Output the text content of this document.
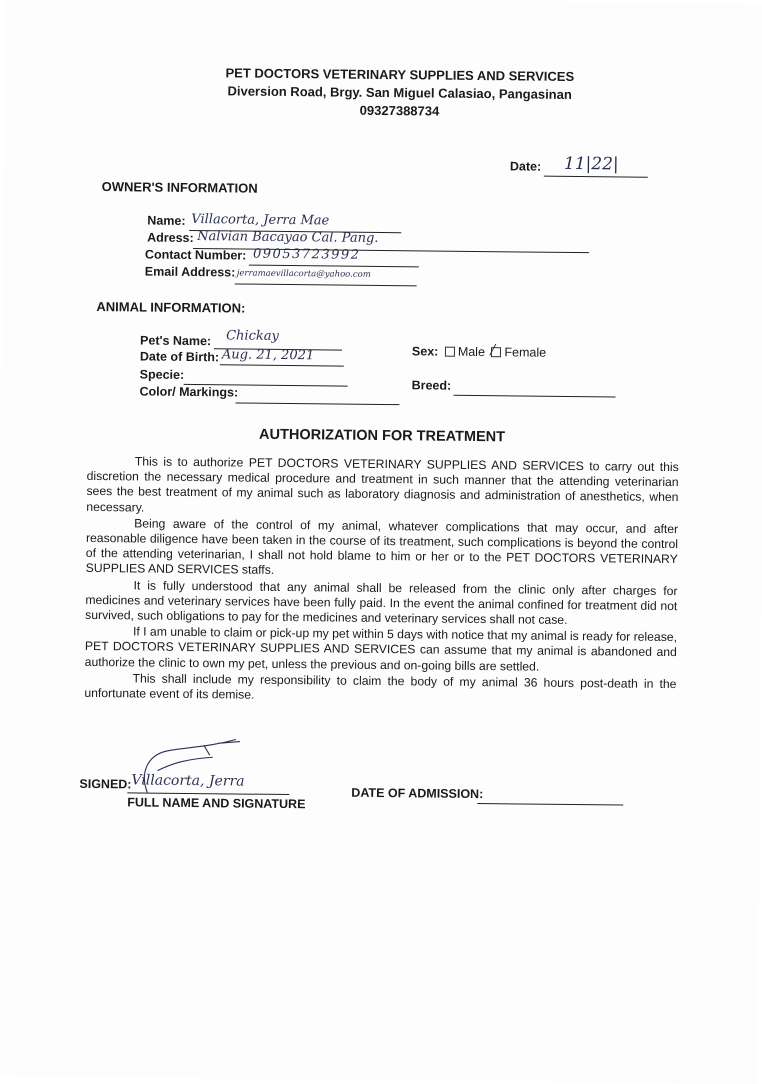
PET DOCTORS VETERINARY SUPPLIES AND SERVICES
Diversion Road, Brgy. San Miguel Calasiao, Pangasinan
09327388734
Date: 11|22|
OWNER'S INFORMATION
Name: Villacorta, Jerra Mae
Adress: Nalvian Bacayao Cal. Pang.
Contact Number: 09053723992
Email Address: jerramaevillacorta@yahoo.com
ANIMAL INFORMATION:
Pet's Name: Chickay
Date of Birth: Aug. 21, 2021
Specie:
Color/ Markings:
Sex: Male / Female
Breed:
AUTHORIZATION FOR TREATMENT

This is to authorize PET DOCTORS VETERINARY SUPPLIES AND SERVICES to carry out this discretion the necessary medical procedure and treatment in such manner that the attending veterinarian sees the best treatment of my animal such as laboratory diagnosis and administration of anesthetics, when necessary.

Being aware of the control of my animal, whatever complications that may occur, and after reasonable diligence have been taken in the course of its treatment, such complications is beyond the control of the attending veterinarian, I shall not hold blame to him or her or to the PET DOCTORS VETERINARY SUPPLIES AND SERVICES staffs.

It is fully understood that any animal shall be released from the clinic only after charges for medicines and veterinary services have been fully paid. In the event the animal confined for treatment did not survived, such obligations to pay for the medicines and veterinary services shall not case.

If I am unable to claim or pick-up my pet within 5 days with notice that my animal is ready for release, PET DOCTORS VETERINARY SUPPLIES AND SERVICES can assume that my animal is abandoned and authorize the clinic to own my pet, unless the previous and on-going bills are settled.

This shall include my responsibility to claim the body of my animal 36 hours post-death in the unfortunate event of its demise.

SIGNED: Villacorta, Jerra
FULL NAME AND SIGNATURE
DATE OF ADMISSION:
